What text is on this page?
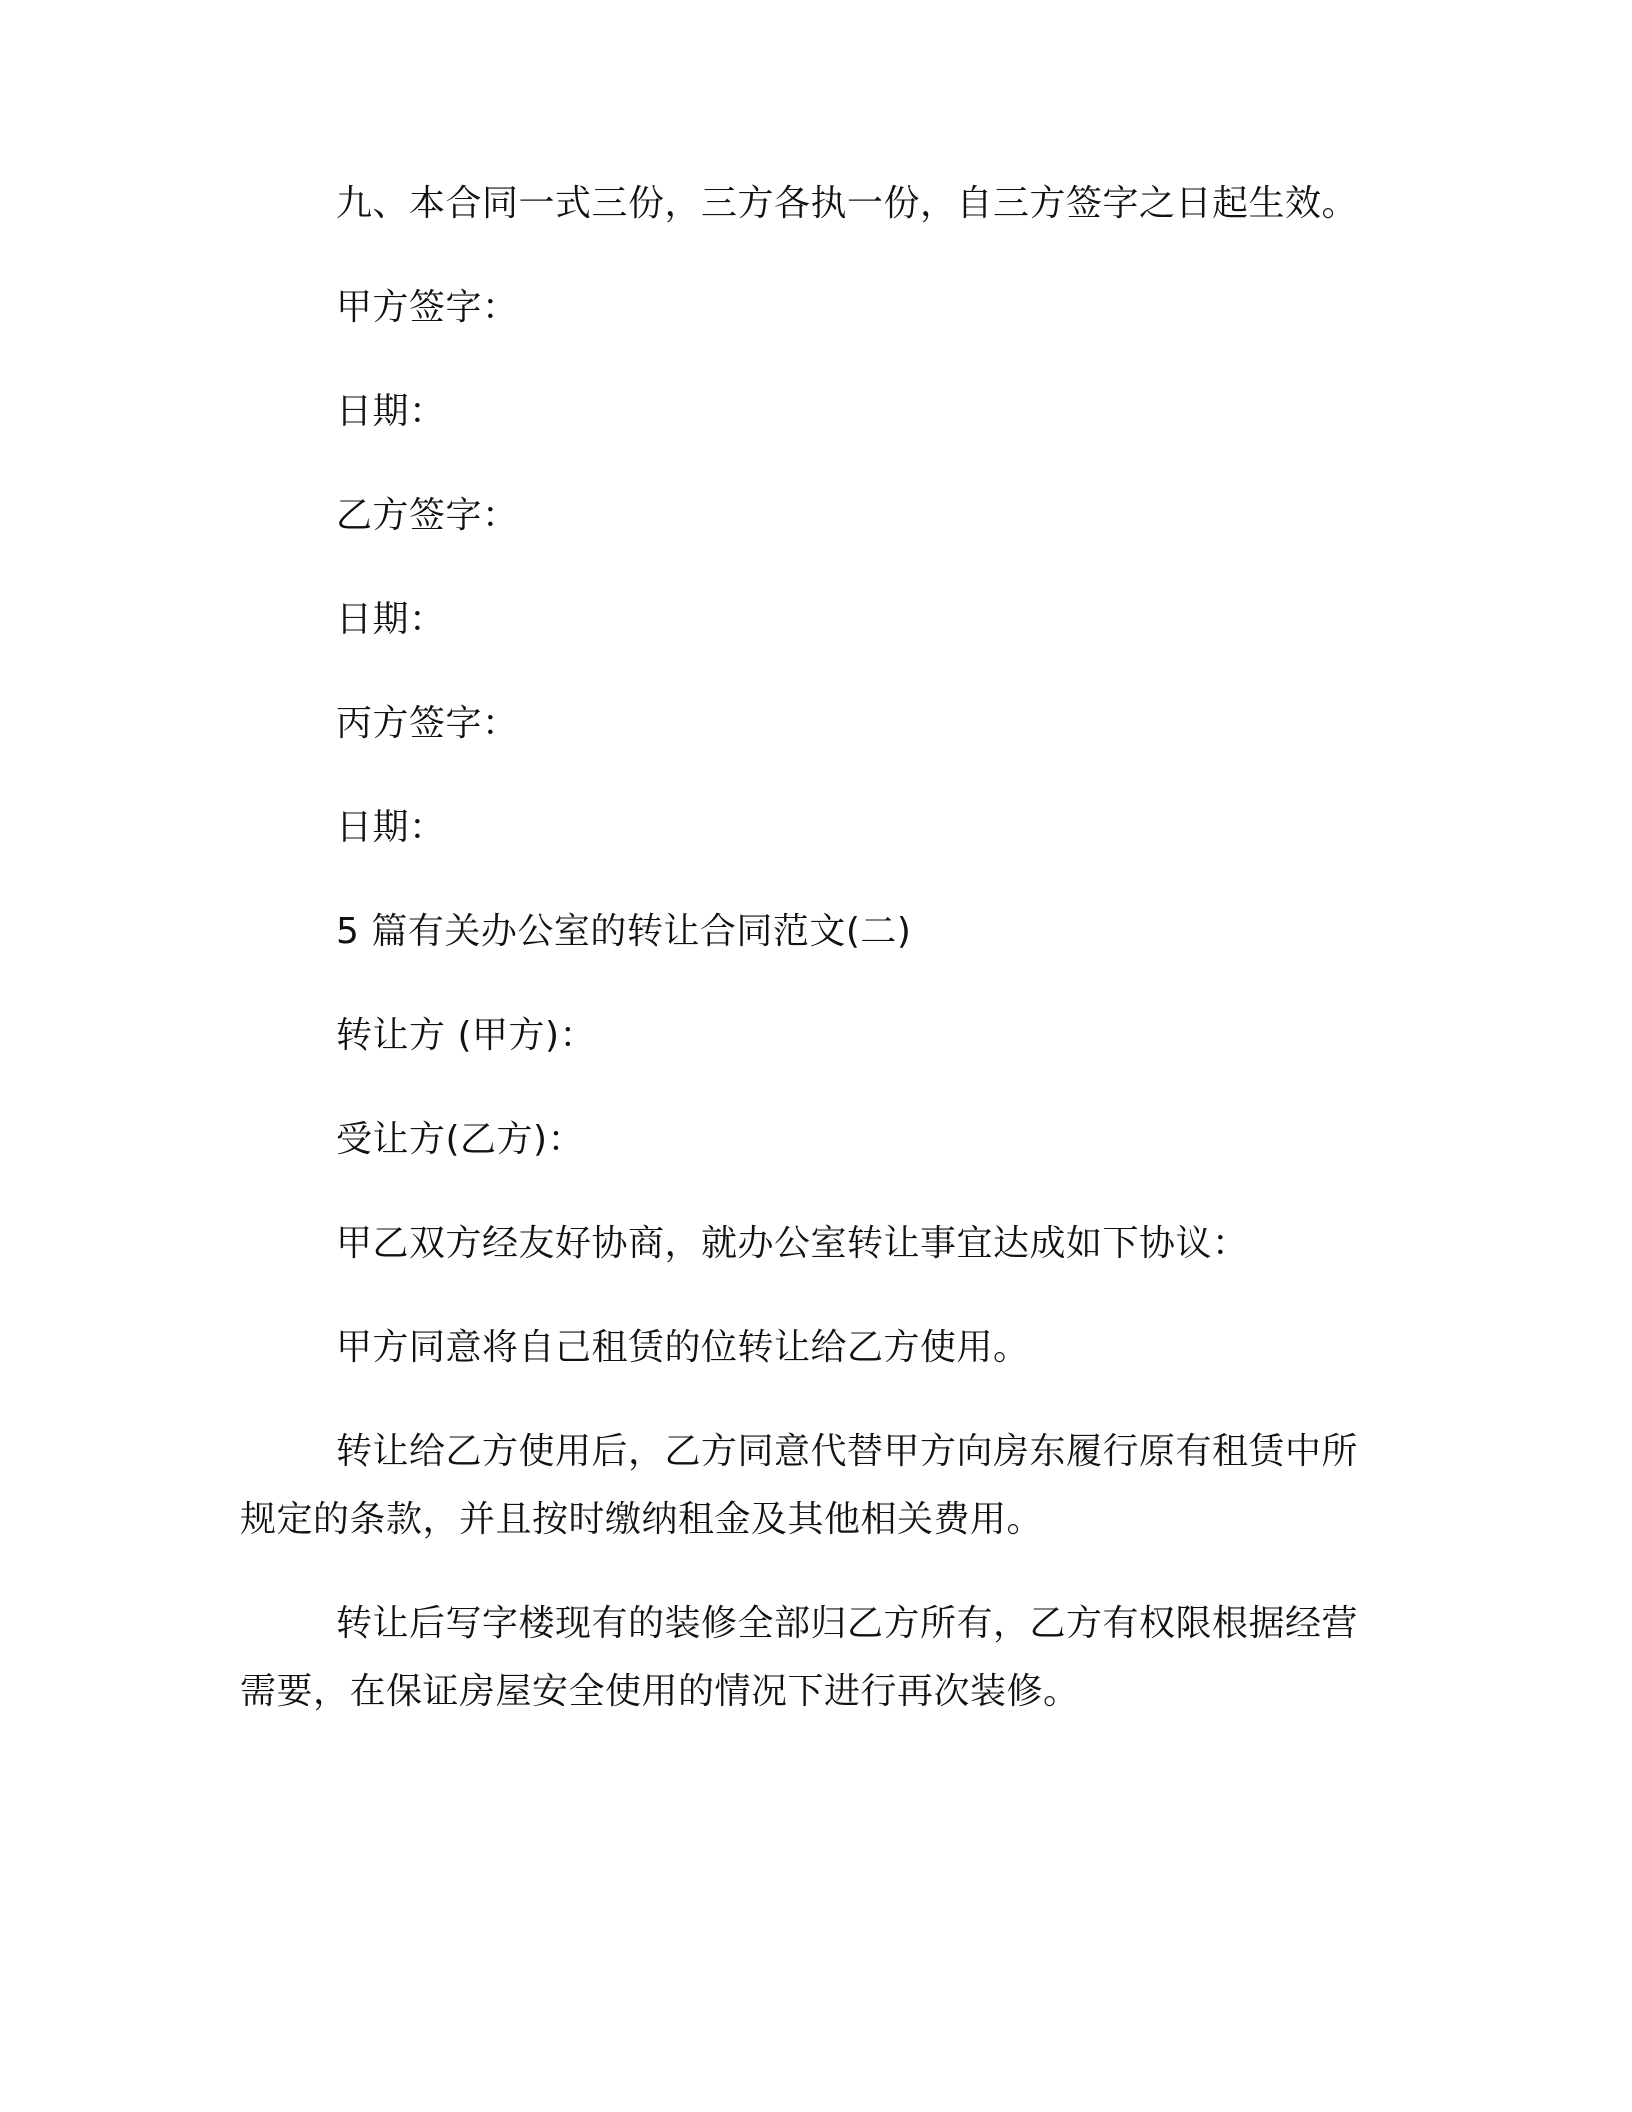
九、本合同一式三份，三方各执一份，自三方签字之日起生效。

甲方签字：

日期：

乙方签字：

日期：

丙方签字：

日期：

5 篇有关办公室的转让合同范文(二)

转让方 (甲方)：

受让方(乙方)：

甲乙双方经友好协商，就办公室转让事宜达成如下协议：

甲方同意将自己租赁的位转让给乙方使用。

转让给乙方使用后，乙方同意代替甲方向房东履行原有租赁中所规定的条款，并且按时缴纳租金及其他相关费用。

转让后写字楼现有的装修全部归乙方所有，乙方有权限根据经营需要，在保证房屋安全使用的情况下进行再次装修。
